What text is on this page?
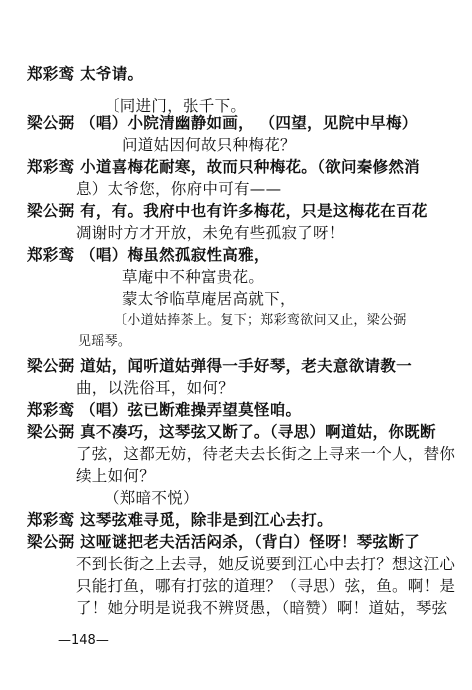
郑彩鸾 太爷请。
〔同进门，张千下。
梁公弼 （唱）小院清幽静如画， （四望，见院中早梅）
问道姑因何故只种梅花？
郑彩鸾 小道喜梅花耐寒，故而只种梅花。（欲问秦修然消
息）太爷您，你府中可有——
梁公弼 有，有。我府中也有许多梅花，只是这梅花在百花
凋谢时方才开放，未免有些孤寂了呀！
郑彩鸾 （唱）梅虽然孤寂性高雅，
草庵中不种富贵花。
蒙太爷临草庵居高就下，
〔小道姑捧茶上。复下；郑彩鸾欲问又止，梁公弼
见瑶琴。
梁公弼 道姑，闻听道姑弹得一手好琴，老夫意欲请教一
曲，以洗俗耳，如何？
郑彩鸾 （唱）弦已断难操弄望莫怪咱。
梁公弼 真不凑巧，这琴弦又断了。（寻思）啊道姑，你既断
了弦，这都无妨，待老夫去长街之上寻来一个人，替你
续上如何？
（郑暗不悦）
郑彩鸾 这琴弦难寻觅，除非是到江心去打。
梁公弼 这哑谜把老夫活活闷杀，（背白）怪呀！琴弦断了
不到长街之上去寻，她反说要到江心中去打？想这江心
只能打鱼，哪有打弦的道理？（寻思）弦，鱼。啊！是
了！她分明是说我不辨贤愚，（暗赞）啊！道姑，琴弦
—148—
